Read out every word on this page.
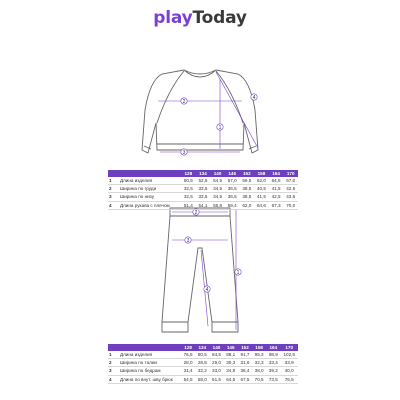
playToday
1
2
3
4
1
2
3
4
		128	134	140	146	152	158	164	170
1	Длина изделия	50,5	52,5	54,5	57,0	59,5	62,0	64,5	67,0
2	Ширина по груди	32,5	33,5	34,5	36,5	38,5	40,5	41,5	42,5
3	Ширина по низу	32,5	33,5	34,5	36,5	38,5	41,5	42,5	43,5
4	Длина рукава с плечом	51,4	54,1	56,8	59,4	62,0	64,6	67,3	70,0
		128	134	140	146	152	158	164	170
1	Длина изделия	76,5	80,5	84,5	88,1	91,7	95,3	98,9	102,5
2	Ширина по талии	28,0	28,5	29,0	30,3	31,6	32,3	33,4	33,9
3	Ширина по бедрам	31,4	32,2	33,0	34,8	36,4	38,0	39,2	40,0
4	Длина по внут. шву брюк	54,5	58,0	61,5	64,5	67,5	70,5	73,5	76,5
